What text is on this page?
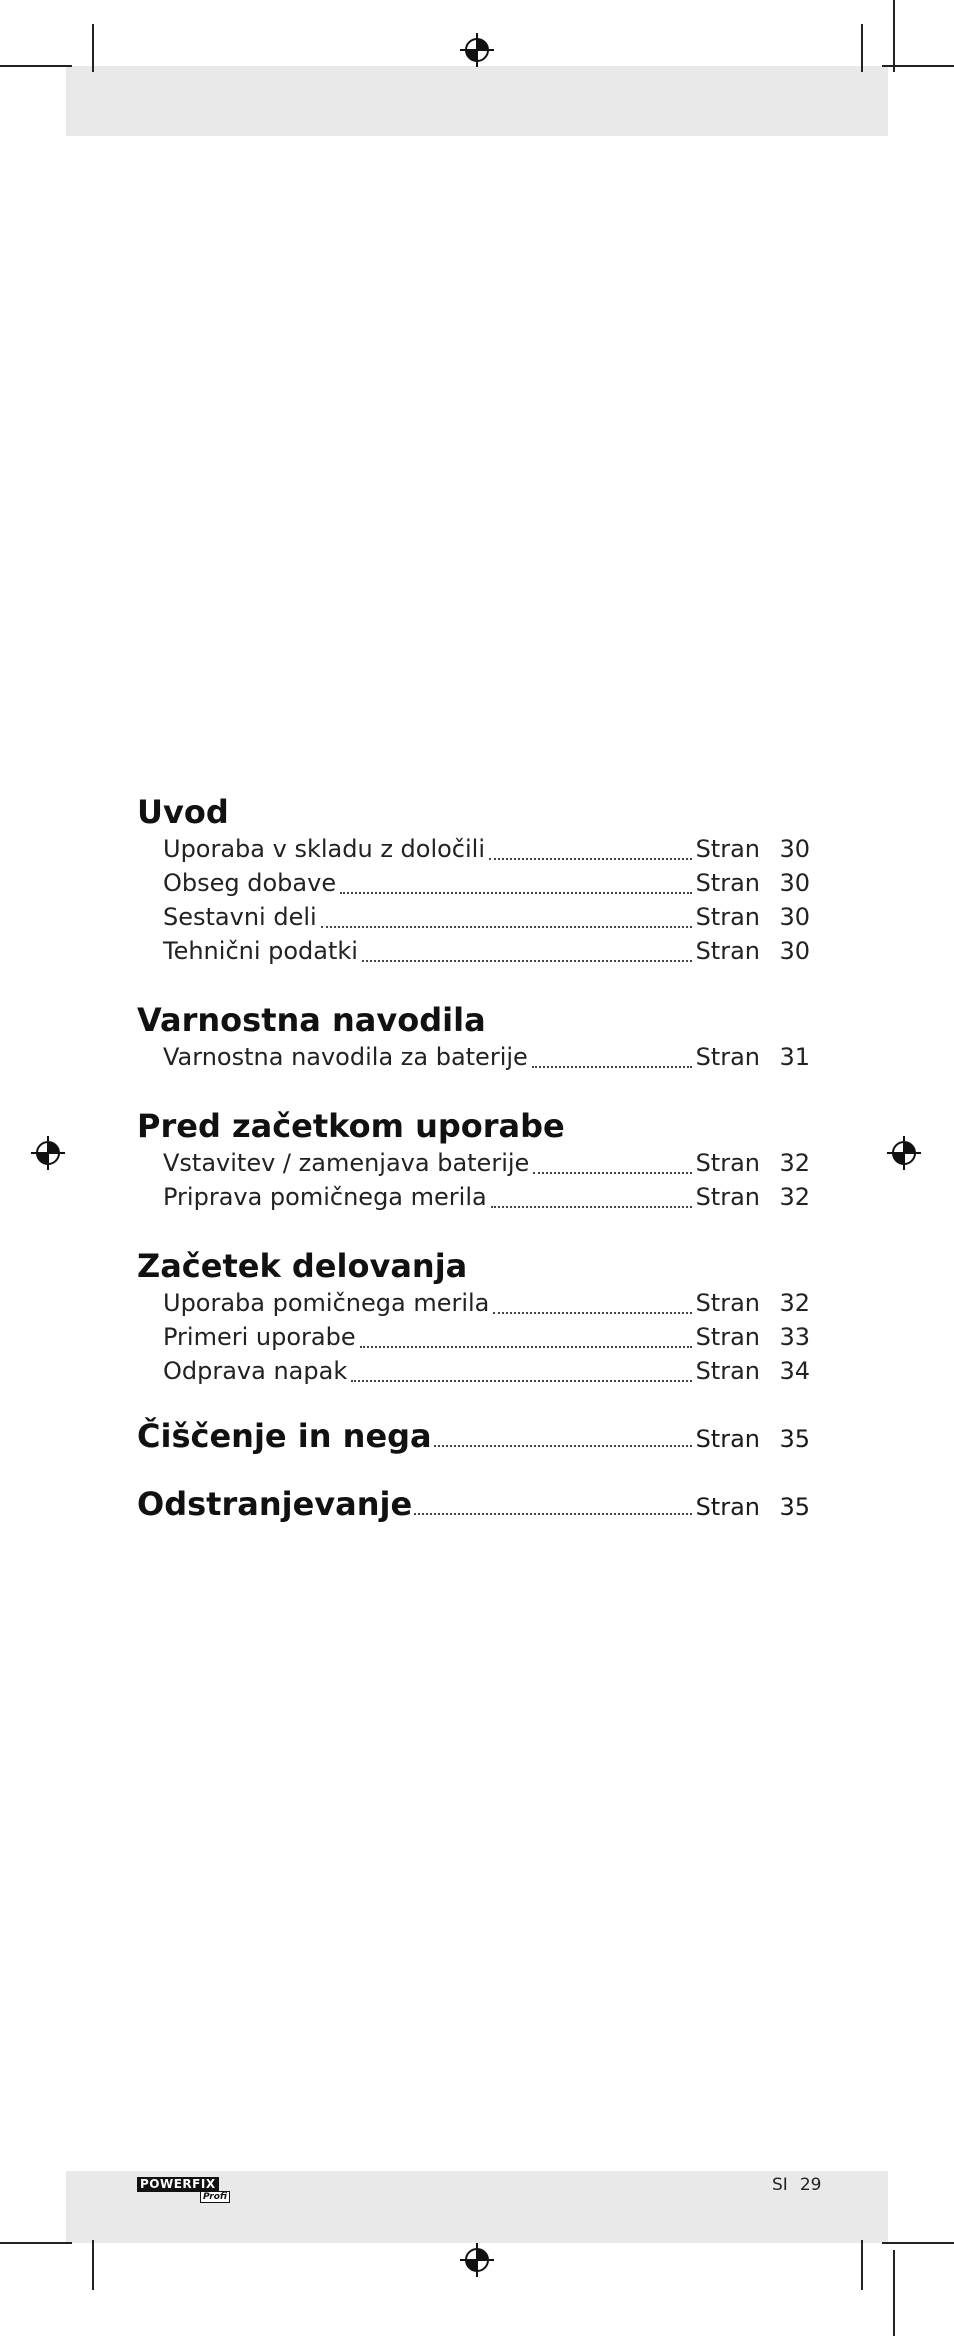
Uvod
Uporaba v skladu z določili	Stran 30
Obseg dobave	Stran 30
Sestavni deli	Stran 30
Tehnični podatki	Stran 30
Varnostna navodila
Varnostna navodila za baterije	Stran 31
Pred začetkom uporabe
Vstavitev / zamenjava baterije	Stran 32
Priprava pomičnega merila	Stran 32
Začetek delovanja
Uporaba pomičnega merila	Stran 32
Primeri uporabe	Stran 33
Odprava napak	Stran 34
Čiščenje in nega	Stran 35
Odstranjevanje	Stran 35
POWERFIX
Profi
SI 29
